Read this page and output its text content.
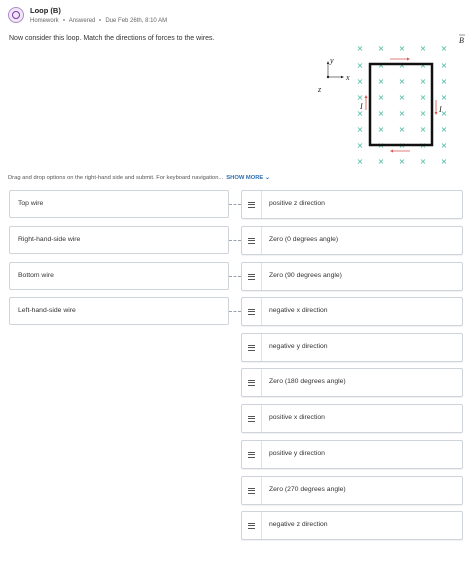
Loop (B)
Homework Answered Due Feb 26th, 8:10 AM
Now consider this loop. Match the directions of forces to the wires.
× × × × ×
× × × × ×
× × × × ×
× × × × ×
× × × × ×
× × × × ×
× × × × ×
× × × × ×
I	I
y
x
z
B
Drag and drop options on the right-hand side and submit. For keyboard navigation... SHOW MORE ⌄
Top wire
Right-hand-side wire
Bottom wire
Left-hand-side wire
positive z direction
Zero (0 degrees angle)
Zero (90 degrees angle)
negative x direction
negative y direction
Zero (180 degrees angle)
positive x direction
positive y direction
Zero (270 degrees angle)
negative z direction
